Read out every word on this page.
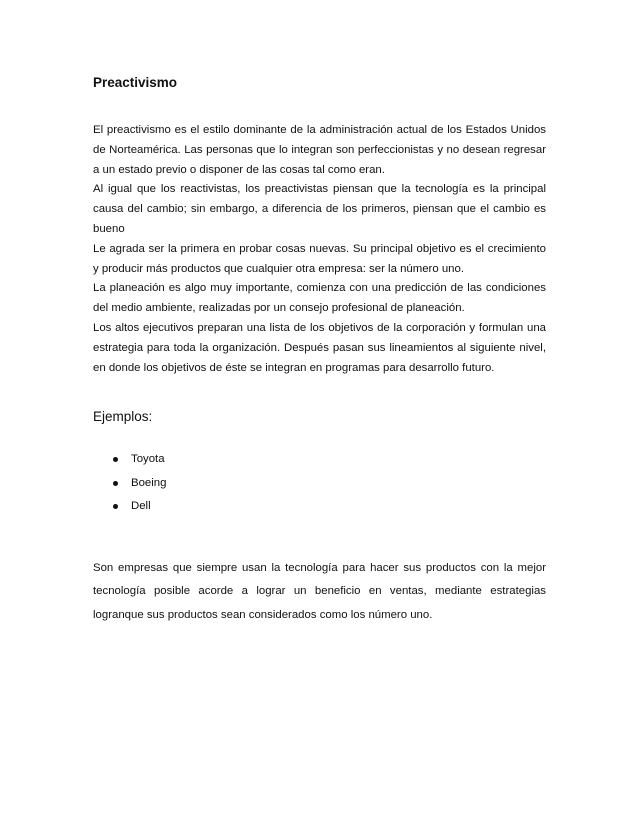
Preactivismo

El preactivismo es el estilo dominante de la administración actual de los Estados Unidos de Norteamérica. Las personas que lo integran son perfeccionistas y no desean regresar a un estado previo o disponer de las cosas tal como eran.

Al igual que los reactivistas, los preactivistas piensan que la tecnología es la principal causa del cambio; sin embargo, a diferencia de los primeros, piensan que el cambio es bueno

Le agrada ser la primera en probar cosas nuevas. Su principal objetivo es el crecimiento y producir más productos que cualquier otra empresa: ser la número uno.

La planeación es algo muy importante, comienza con una predicción de las condiciones del medio ambiente, realizadas por un consejo profesional de planeación.

Los altos ejecutivos preparan una lista de los objetivos de la corporación y formulan una estrategia para toda la organización. Después pasan sus lineamientos al siguiente nivel, en donde los objetivos de éste se integran en programas para desarrollo futuro.

Ejemplos:
Toyota
Boeing
Dell

Son empresas que siempre usan la tecnología para hacer sus productos con la mejor tecnología posible acorde a lograr un beneficio en ventas, mediante estrategias logranque sus productos sean considerados como los número uno.
